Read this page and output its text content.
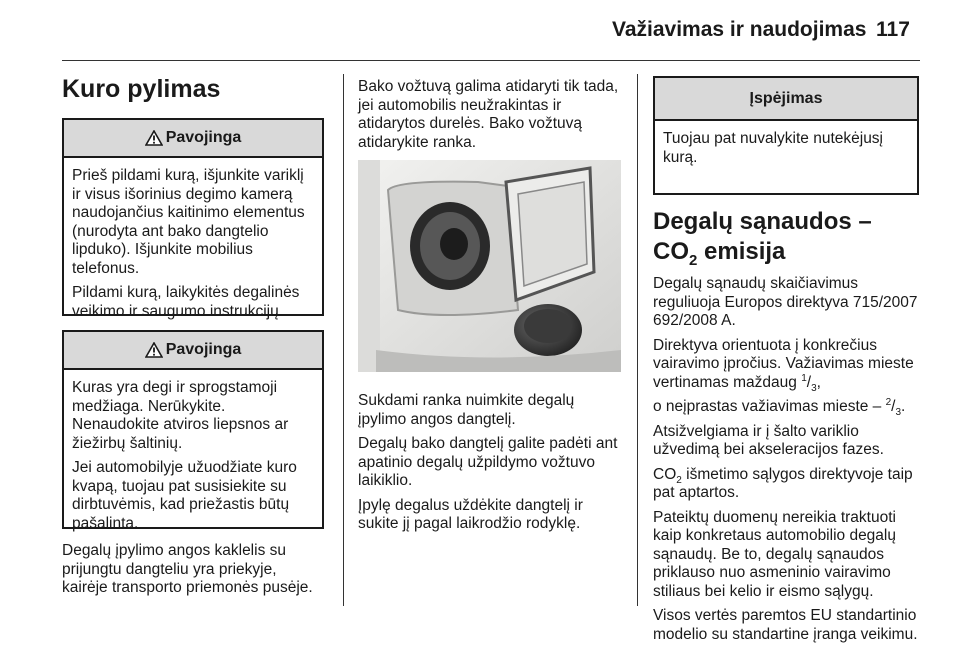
Važiavimas ir naudojimas 117
Kuro pylimas
Pavojinga

Prieš pildami kurą, išjunkite variklį ir visus išorinius degimo kamerą naudojančius kaitinimo elementus (nurodyta ant bako dangtelio lipduko). Išjunkite mobilius telefonus.

Pildami kurą, laikykitės degalinės veikimo ir saugumo instrukcijų.

Pavojinga

Kuras yra degi ir sprogstamoji medžiaga. Nerūkykite. Nenaudokite atviros liepsnos ar žiežirbų šaltinių.

Jei automobilyje užuodžiate kuro kvapą, tuojau pat susisiekite su dirbtuvėmis, kad priežastis būtų pašalinta.

Degalų įpylimo angos kaklelis su prijungtu dangteliu yra priekyje, kairėje transporto priemonės pusėje.

Bako vožtuvą galima atidaryti tik tada, jei automobilis neužrakintas ir atidarytos durelės. Bako vožtuvą atidarykite ranka.

Sukdami ranka nuimkite degalų įpylimo angos dangtelį.

Degalų bako dangtelį galite padėti ant apatinio degalų užpildymo vožtuvo laikiklio.

Įpylę degalus uždėkite dangtelį ir sukite jį pagal laikrodžio rodyklę.

Įspėjimas

Tuojau pat nuvalykite nutekėjusį kurą.

Degalų sąnaudos –
$CO_2$ emisija

Degalų sąnaudų skaičiavimus reguliuoja Europos direktyva 715/2007 692/2008 A.

Direktyva orientuota į konkrečius vairavimo įpročius. Važiavimas mieste vertinamas maždaug $^1/_3$,

o neįprastas važiavimas mieste – $^2/_3$.

Atsižvelgiama ir į šalto variklio užvedimą bei akseleracijos fazes.

$CO_2$ išmetimo sąlygos direktyvoje taip pat aptartos.

Pateiktų duomenų nereikia traktuoti kaip konkretaus automobilio degalų sąnaudų. Be to, degalų sąnaudos priklauso nuo asmeninio vairavimo stiliaus bei kelio ir eismo sąlygų.

Visos vertės paremtos EU standartinio modelio su standartine įranga veikimu.
